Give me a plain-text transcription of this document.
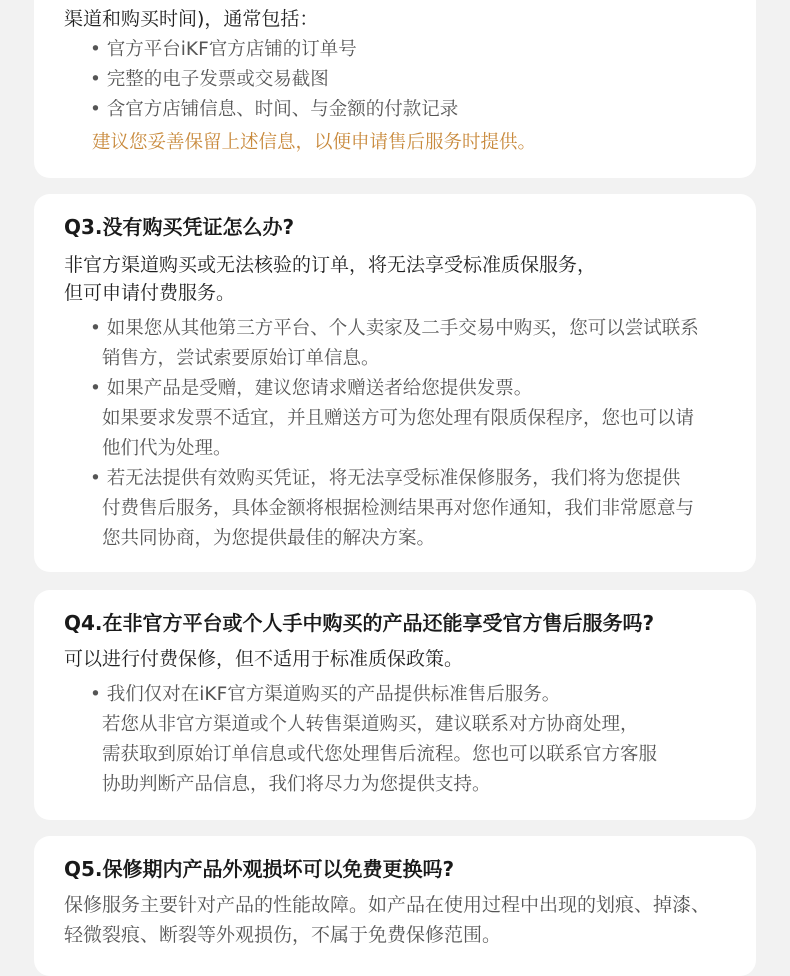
渠道和购买时间)，通常包括：
• 官方平台iKF官方店铺的订单号
• 完整的电子发票或交易截图
• 含官方店铺信息、时间、与金额的付款记录
建议您妥善保留上述信息，以便申请售后服务时提供。
Q3.没有购买凭证怎么办?
非官方渠道购买或无法核验的订单，将无法享受标准质保服务，
但可申请付费服务。
• 如果您从其他第三方平台、个人卖家及二手交易中购买，您可以尝试联系
销售方，尝试索要原始订单信息。
• 如果产品是受赠，建议您请求赠送者给您提供发票。
如果要求发票不适宜，并且赠送方可为您处理有限质保程序，您也可以请
他们代为处理。
• 若无法提供有效购买凭证，将无法享受标准保修服务，我们将为您提供
付费售后服务，具体金额将根据检测结果再对您作通知，我们非常愿意与
您共同协商，为您提供最佳的解决方案。
Q4.在非官方平台或个人手中购买的产品还能享受官方售后服务吗?
可以进行付费保修，但不适用于标准质保政策。
• 我们仅对在iKF官方渠道购买的产品提供标准售后服务。
若您从非官方渠道或个人转售渠道购买，建议联系对方协商处理，
需获取到原始订单信息或代您处理售后流程。您也可以联系官方客服
协助判断产品信息，我们将尽力为您提供支持。
Q5.保修期内产品外观损坏可以免费更换吗?
保修服务主要针对产品的性能故障。如产品在使用过程中出现的划痕、掉漆、
轻微裂痕、断裂等外观损伤，不属于免费保修范围。
